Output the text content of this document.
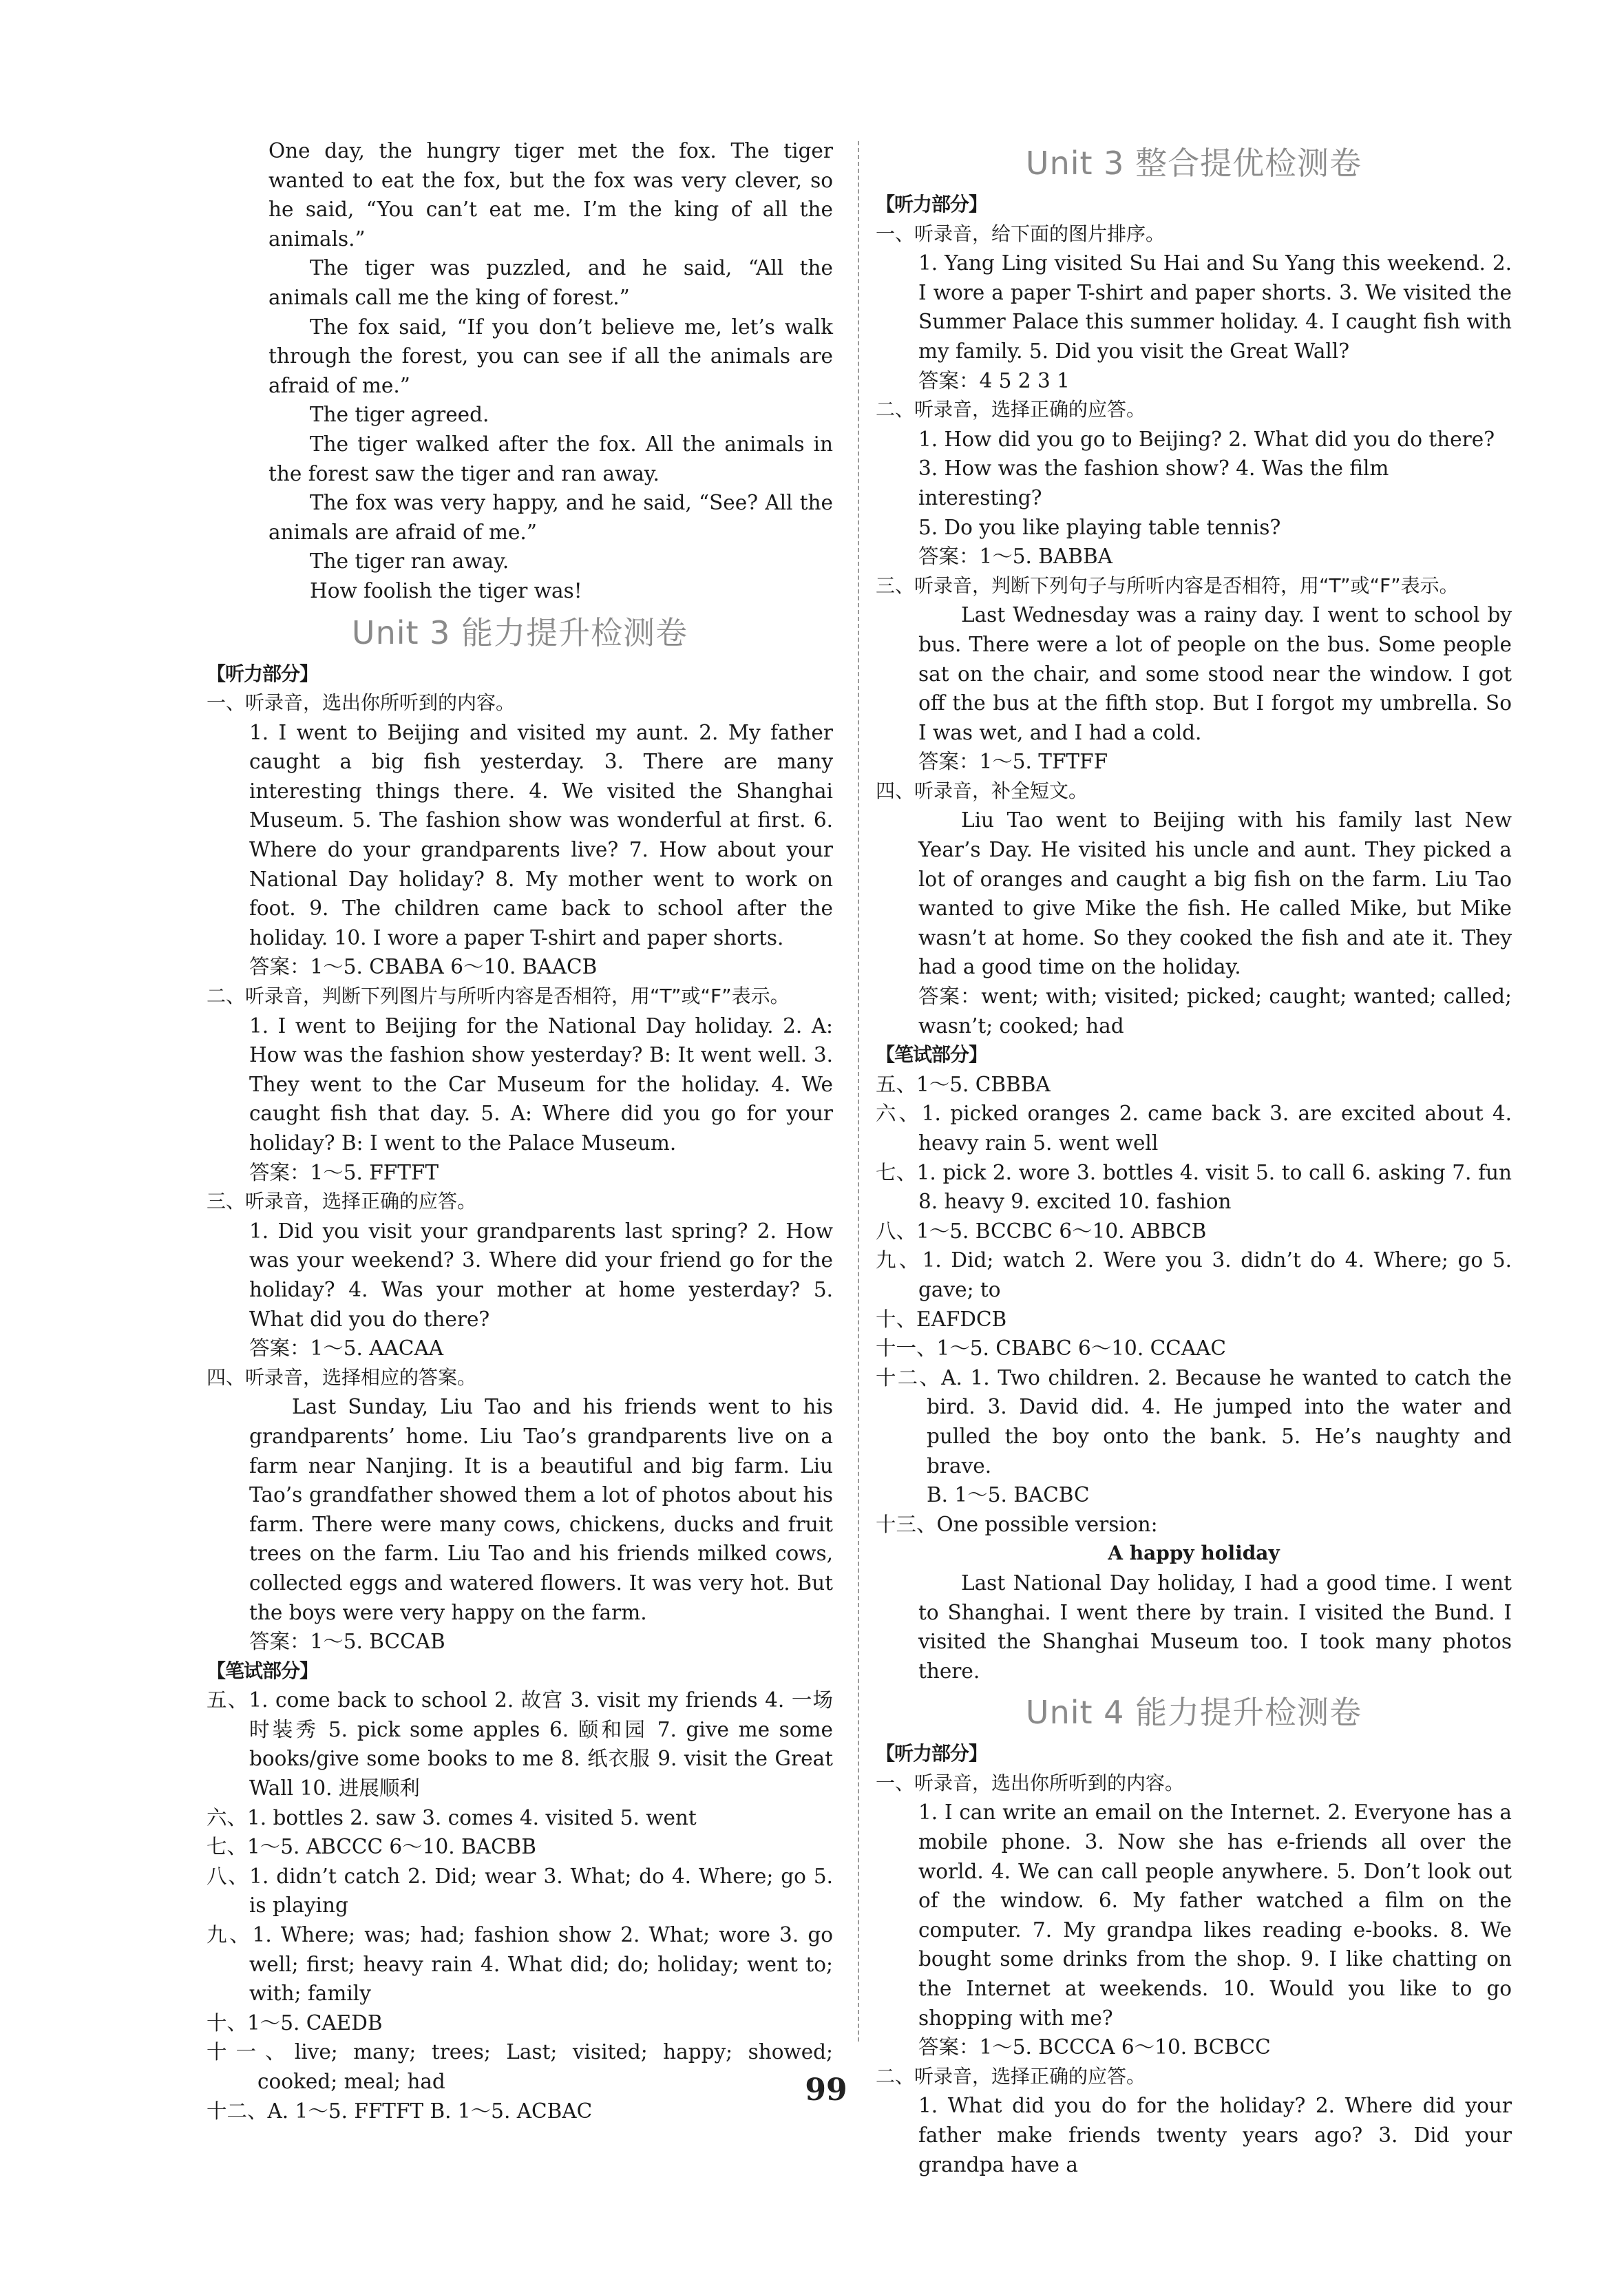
One day, the hungry tiger met the fox. The tiger wanted to eat the fox, but the fox was very clever, so he said, “You can’t eat me. I’m the king of all the animals.”

The tiger was puzzled, and he said, “All the animals call me the king of forest.”

The fox said, “If you don’t believe me, let’s walk through the forest, you can see if all the animals are afraid of me.”

The tiger agreed.

The tiger walked after the fox. All the animals in the forest saw the tiger and ran away.

The fox was very happy, and he said, “See? All the animals are afraid of me.”

The tiger ran away.

How foolish the tiger was!

Unit 3 能力提升检测卷
【听力部分】
一、听录音，选出你所听到的内容。

1. I went to Beijing and visited my aunt. 2. My father caught a big fish yesterday. 3. There are many interesting things there. 4. We visited the Shanghai Museum. 5. The fashion show was wonderful at first. 6. Where do your grandparents live? 7. How about your National Day holiday? 8. My mother went to work on foot. 9. The children came back to school after the holiday. 10. I wore a paper T-shirt and paper shorts.

答案：1～5. CBABA 6～10. BAACB
二、听录音，判断下列图片与所听内容是否相符，用“T”或“F”表示。

1. I went to Beijing for the National Day holiday. 2. A: How was the fashion show yesterday? B: It went well. 3. They went to the Car Museum for the holiday. 4. We caught fish that day. 5. A: Where did you go for your holiday? B: I went to the Palace Museum.

答案：1～5. FFTFT
三、听录音，选择正确的应答。

1. Did you visit your grandparents last spring? 2. How was your weekend? 3. Where did your friend go for the holiday? 4. Was your mother at home yesterday? 5. What did you do there?

答案：1～5. AACAA
四、听录音，选择相应的答案。

Last Sunday, Liu Tao and his friends went to his grandparents’ home. Liu Tao’s grandparents live on a farm near Nanjing. It is a beautiful and big farm. Liu Tao’s grandfather showed them a lot of photos about his farm. There were many cows, chickens, ducks and fruit trees on the farm. Liu Tao and his friends milked cows, collected eggs and watered flowers. It was very hot. But the boys were very happy on the farm.

答案：1～5. BCCAB
【笔试部分】

五、1. come back to school 2. 故宫 3. visit my friends 4. 一场时装秀 5. pick some apples 6. 颐和园 7. give me some books/give some books to me 8. 纸衣服 9. visit the Great Wall 10. 进展顺利

六、1. bottles 2. saw 3. comes 4. visited 5. went

七、1～5. ABCCC 6～10. BACBB

八、1. didn’t catch 2. Did; wear 3. What; do 4. Where; go 5. is playing

九、1. Where; was; had; fashion show 2. What; wore 3. go well; first; heavy rain 4. What did; do; holiday; went to; with; family

十、1～5. CAEDB

十一、live; many; trees; Last; visited; happy; showed; cooked; meal; had

十二、A. 1～5. FFTFT B. 1～5. ACBAC

Unit 3 整合提优检测卷
【听力部分】
一、听录音，给下面的图片排序。

1. Yang Ling visited Su Hai and Su Yang this weekend. 2. I wore a paper T-shirt and paper shorts. 3. We visited the Summer Palace this summer holiday. 4. I caught fish with my family. 5. Did you visit the Great Wall?

答案：4 5 2 3 1
二、听录音，选择正确的应答。
1. How did you go to Beijing? 2. What did you do there?
3. How was the fashion show? 4. Was the film interesting?
5. Do you like playing table tennis?
答案：1～5. BABBA
三、听录音，判断下列句子与所听内容是否相符，用“T”或“F”表示。

Last Wednesday was a rainy day. I went to school by bus. There were a lot of people on the bus. Some people sat on the chair, and some stood near the window. I got off the bus at the fifth stop. But I forgot my umbrella. So I was wet, and I had a cold.

答案：1～5. TFTFF
四、听录音，补全短文。

Liu Tao went to Beijing with his family last New Year’s Day. He visited his uncle and aunt. They picked a lot of oranges and caught a big fish on the farm. Liu Tao wanted to give Mike the fish. He called Mike, but Mike wasn’t at home. So they cooked the fish and ate it. They had a good time on the holiday.

答案：went; with; visited; picked; caught; wanted; called; wasn’t; cooked; had

【笔试部分】

五、1～5. CBBBA

六、1. picked oranges 2. came back 3. are excited about 4. heavy rain 5. went well

七、1. pick 2. wore 3. bottles 4. visit 5. to call 6. asking 7. fun 8. heavy 9. excited 10. fashion

八、1～5. BCCBC 6～10. ABBCB

九、1. Did; watch 2. Were you 3. didn’t do 4. Where; go 5. gave; to

十、EAFDCB

十一、1～5. CBABC 6～10. CCAAC

十二、A. 1. Two children. 2. Because he wanted to catch the bird. 3. David did. 4. He jumped into the water and pulled the boy onto the bank. 5. He’s naughty and brave.

B. 1～5. BACBC
十三、One possible version:
A happy holiday

Last National Day holiday, I had a good time. I went to Shanghai. I went there by train. I visited the Bund. I visited the Shanghai Museum too. I took many photos there.

Unit 4 能力提升检测卷
【听力部分】
一、听录音，选出你所听到的内容。

1. I can write an email on the Internet. 2. Everyone has a mobile phone. 3. Now she has e-friends all over the world. 4. We can call people anywhere. 5. Don’t look out of the window. 6. My father watched a film on the computer. 7. My grandpa likes reading e-books. 8. We bought some drinks from the shop. 9. I like chatting on the Internet at weekends. 10. Would you like to go shopping with me?

答案：1～5. BCCCA 6～10. BCBCC
二、听录音，选择正确的应答。

1. What did you do for the holiday? 2. Where did your father make friends twenty years ago? 3. Did your grandpa have a

99
